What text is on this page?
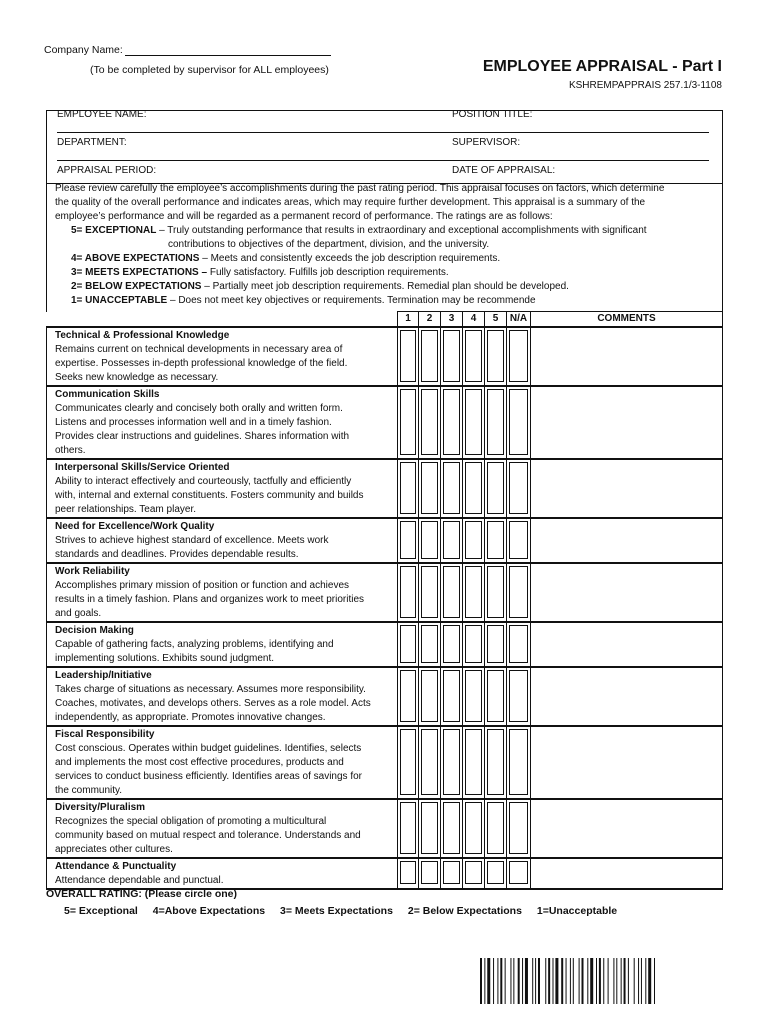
Company Name:
(To be completed by supervisor for ALL employees)	EMPLOYEE APPRAISAL - Part I
KSHREMPAPPRAIS 257.1/3-1108
EMPLOYEE NAME:	POSITION TITLE:
DEPARTMENT:	SUPERVISOR:
APPRAISAL PERIOD:	DATE OF APPRAISAL:

Please review carefully the employee’s accomplishments during the past rating period. This appraisal focuses on factors, which determine

the quality of the overall performance and indicates areas, which may require further development. This appraisal is a summary of the

employee’s performance and will be regarded as a permanent record of performance. The ratings are as follows:

5= EXCEPTIONAL – Truly outstanding performance that results in extraordinary and exceptional accomplishments with significant
contributions to objectives of the department, division, and the university.
4= ABOVE EXPECTATIONS – Meets and consistently exceeds the job description requirements.
3= MEETS EXPECTATIONS – Fully satisfactory. Fulfills job description requirements.
2= BELOW EXPECTATIONS – Partially meet job description requirements. Remedial plan should be developed.
1= UNACCEPTABLE – Does not meet key objectives or requirements. Termination may be recommende
	1	2	3	4	5	N/A	COMMENTS

Technical & Professional Knowledge
Remains current on technical developments in necessary area of
expertise. Possesses in-depth professional knowledge of the field.
Seeks new knowledge as necessary.							

Communication Skills
Communicates clearly and concisely both orally and written form.
Listens and processes information well and in a timely fashion.
Provides clear instructions and guidelines. Shares information with
others.							

Interpersonal Skills/Service Oriented
Ability to interact effectively and courteously, tactfully and efficiently
with, internal and external constituents. Fosters community and builds
peer relationships. Team player.							

Need for Excellence/Work Quality
Strives to achieve highest standard of excellence. Meets work
standards and deadlines. Provides dependable results.							

Work Reliability
Accomplishes primary mission of position or function and achieves
results in a timely fashion. Plans and organizes work to meet priorities
and goals.							

Decision Making
Capable of gathering facts, analyzing problems, identifying and
implementing solutions. Exhibits sound judgment.							

Leadership/Initiative
Takes charge of situations as necessary. Assumes more responsibility.
Coaches, motivates, and develops others. Serves as a role model. Acts
independently, as appropriate. Promotes innovative changes.							

Fiscal Responsibility
Cost conscious. Operates within budget guidelines. Identifies, selects
and implements the most cost effective procedures, products and
services to conduct business efficiently. Identifies areas of savings for
the community.							

Diversity/Pluralism
Recognizes the special obligation of promoting a multicultural
community based on mutual respect and tolerance. Understands and
appreciates other cultures.							

Attendance & Punctuality
Attendance dependable and punctual.							

OVERALL RATING: (Please circle one)
5= Exceptional 4=Above Expectations 3= Meets Expectations 2= Below Expectations 1=Unacceptable
